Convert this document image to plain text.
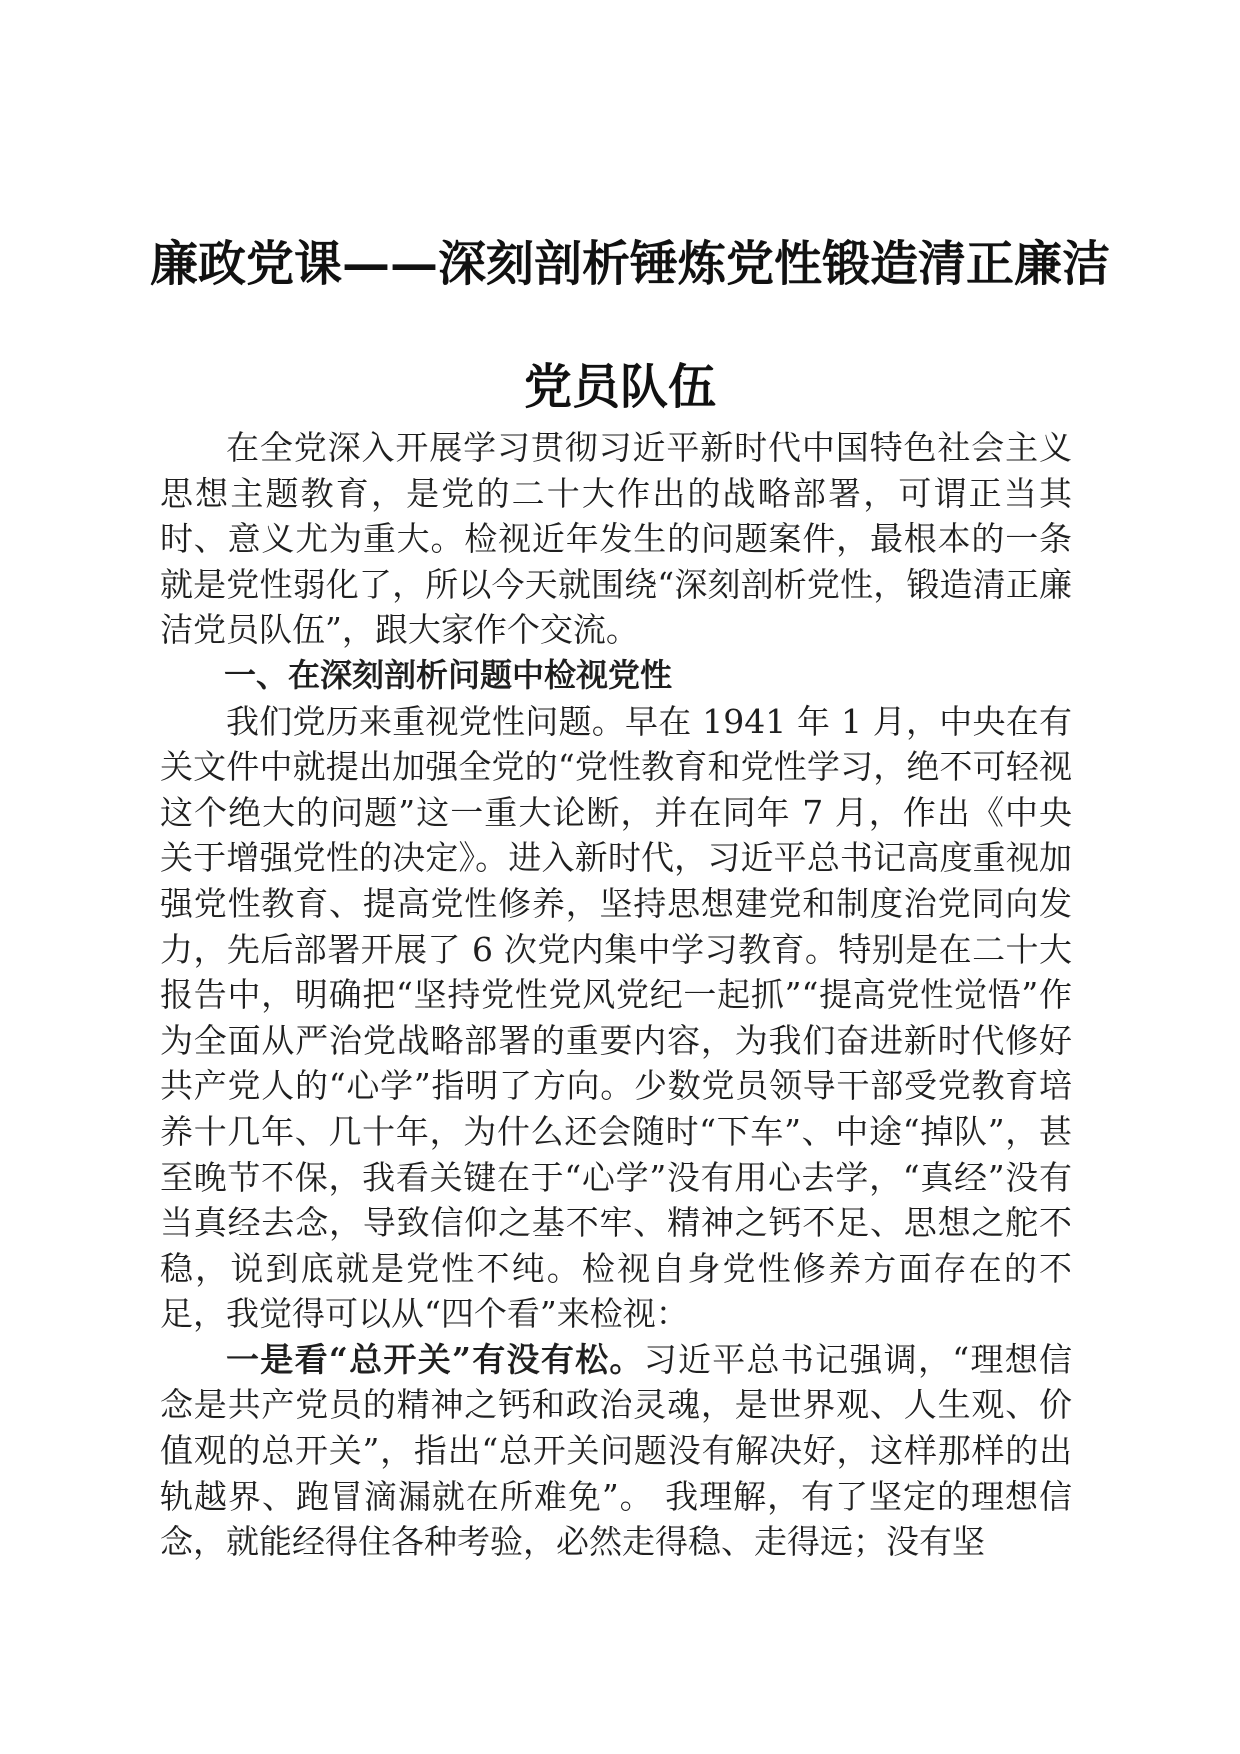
廉政党课——深刻剖析锤炼党性锻造清正廉洁
党员队伍

在全党深入开展学习贯彻习近平新时代中国特色社会主义思想主题教育，是党的二十大作出的战略部署，可谓正当其时、意义尤为重大。检视近年发生的问题案件，最根本的一条就是党性弱化了，所以今天就围绕“深刻剖析党性，锻造清正廉洁党员队伍”，跟大家作个交流。

一、在深刻剖析问题中检视党性

我们党历来重视党性问题。早在 1941 年 1 月，中央在有关文件中就提出加强全党的“党性教育和党性学习，绝不可轻视这个绝大的问题”这一重大论断，并在同年 7 月，作出《中央关于增强党性的决定》。进入新时代，习近平总书记高度重视加强党性教育、提高党性修养，坚持思想建党和制度治党同向发力，先后部署开展了 6 次党内集中学习教育。特别是在二十大报告中，明确把“坚持党性党风党纪一起抓”“提高党性觉悟”作为全面从严治党战略部署的重要内容，为我们奋进新时代修好共产党人的“心学”指明了方向。少数党员领导干部受党教育培养十几年、几十年，为什么还会随时“下车”、中途“掉队”，甚至晚节不保，我看关键在于“心学”没有用心去学，“真经”没有当真经去念，导致信仰之基不牢、精神之钙不足、思想之舵不稳，说到底就是党性不纯。检视自身党性修养方面存在的不足，我觉得可以从“四个看”来检视：

一是看“总开关”有没有松。习近平总书记强调，“理想信念是共产党员的精神之钙和政治灵魂，是世界观、人生观、价值观的总开关”，指出“总开关问题没有解决好，这样那样的出轨越界、跑冒滴漏就在所难免”。 我理解，有了坚定的理想信念，就能经得住各种考验，必然走得稳、走得远；没有坚
